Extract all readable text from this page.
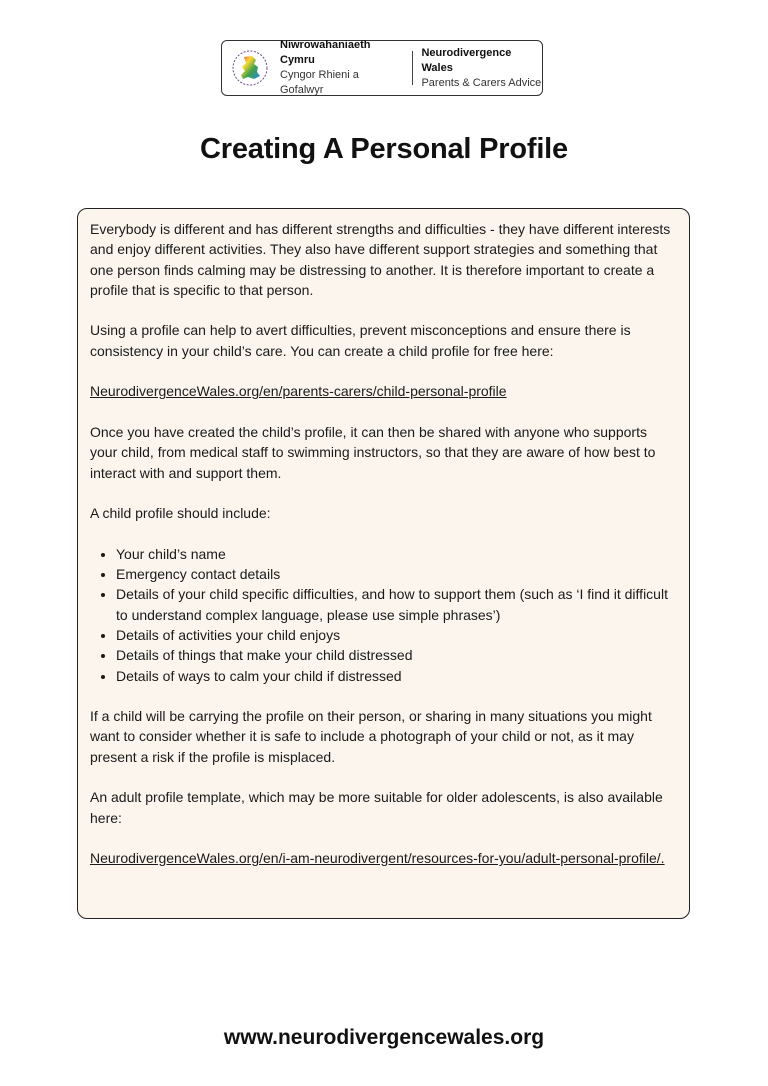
Niwrowahaniaeth Cymru
Cyngor Rhieni a Gofalwyr
Neurodivergence Wales
Parents & Carers Advice
Creating A Personal Profile

Everybody is different and has different strengths and difficulties - they have different interests and enjoy different activities. They also have different support strategies and something that one person finds calming may be distressing to another. It is therefore important to create a profile that is specific to that person.

Using a profile can help to avert difficulties, prevent misconceptions and ensure there is consistency in your child’s care. You can create a child profile for free here:

NeurodivergenceWales.org/en/parents-carers/child-personal-profile

Once you have created the child’s profile, it can then be shared with anyone who supports your child, from medical staff to swimming instructors, so that they are aware of how best to interact with and support them.

A child profile should include:

• Your child’s name
• Emergency contact details
• Details of your child specific difficulties, and how to support them (such as ‘I find it difficult to understand complex language, please use simple phrases’)
• Details of activities your child enjoys
• Details of things that make your child distressed
• Details of ways to calm your child if distressed

If a child will be carrying the profile on their person, or sharing in many situations you might want to consider whether it is safe to include a photograph of your child or not, as it may present a risk if the profile is misplaced.

An adult profile template, which may be more suitable for older adolescents, is also available here:

NeurodivergenceWales.org/en/i-am-neurodivergent/resources-for-you/adult-personal-profile/.

www.neurodivergencewales.org
